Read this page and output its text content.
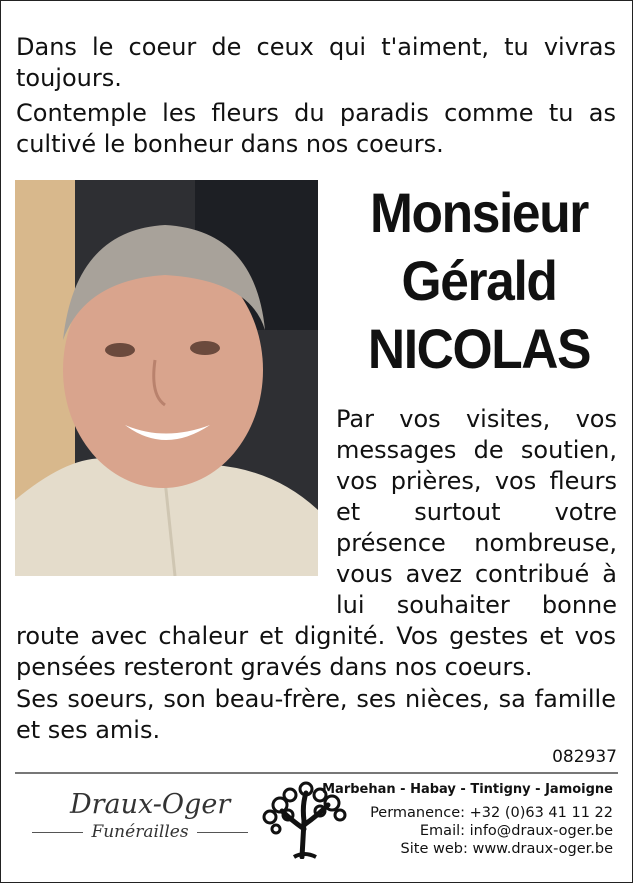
Dans le coeur de ceux qui t'aiment, tu vivras toujours.
Contemple les fleurs du paradis comme tu as cultivé le bonheur dans nos coeurs.
Monsieur
Gérald
NICOLAS
Par vos visites, vos
messages de soutien,
vos prières, vos fleurs
et surtout votre
présence nombreuse,
vous avez contribué à
lui souhaiter bonne
route avec chaleur et dignité. Vos gestes et vos pensées resteront gravés dans nos coeurs.
Ses soeurs, son beau-frère, ses nièces, sa famille et ses amis.
082937
Draux-Oger
Funérailles
Marbehan - Habay - Tintigny - Jamoigne
Permanence: +32 (0)63 41 11 22
Email: info@draux-oger.be
Site web: www.draux-oger.be
